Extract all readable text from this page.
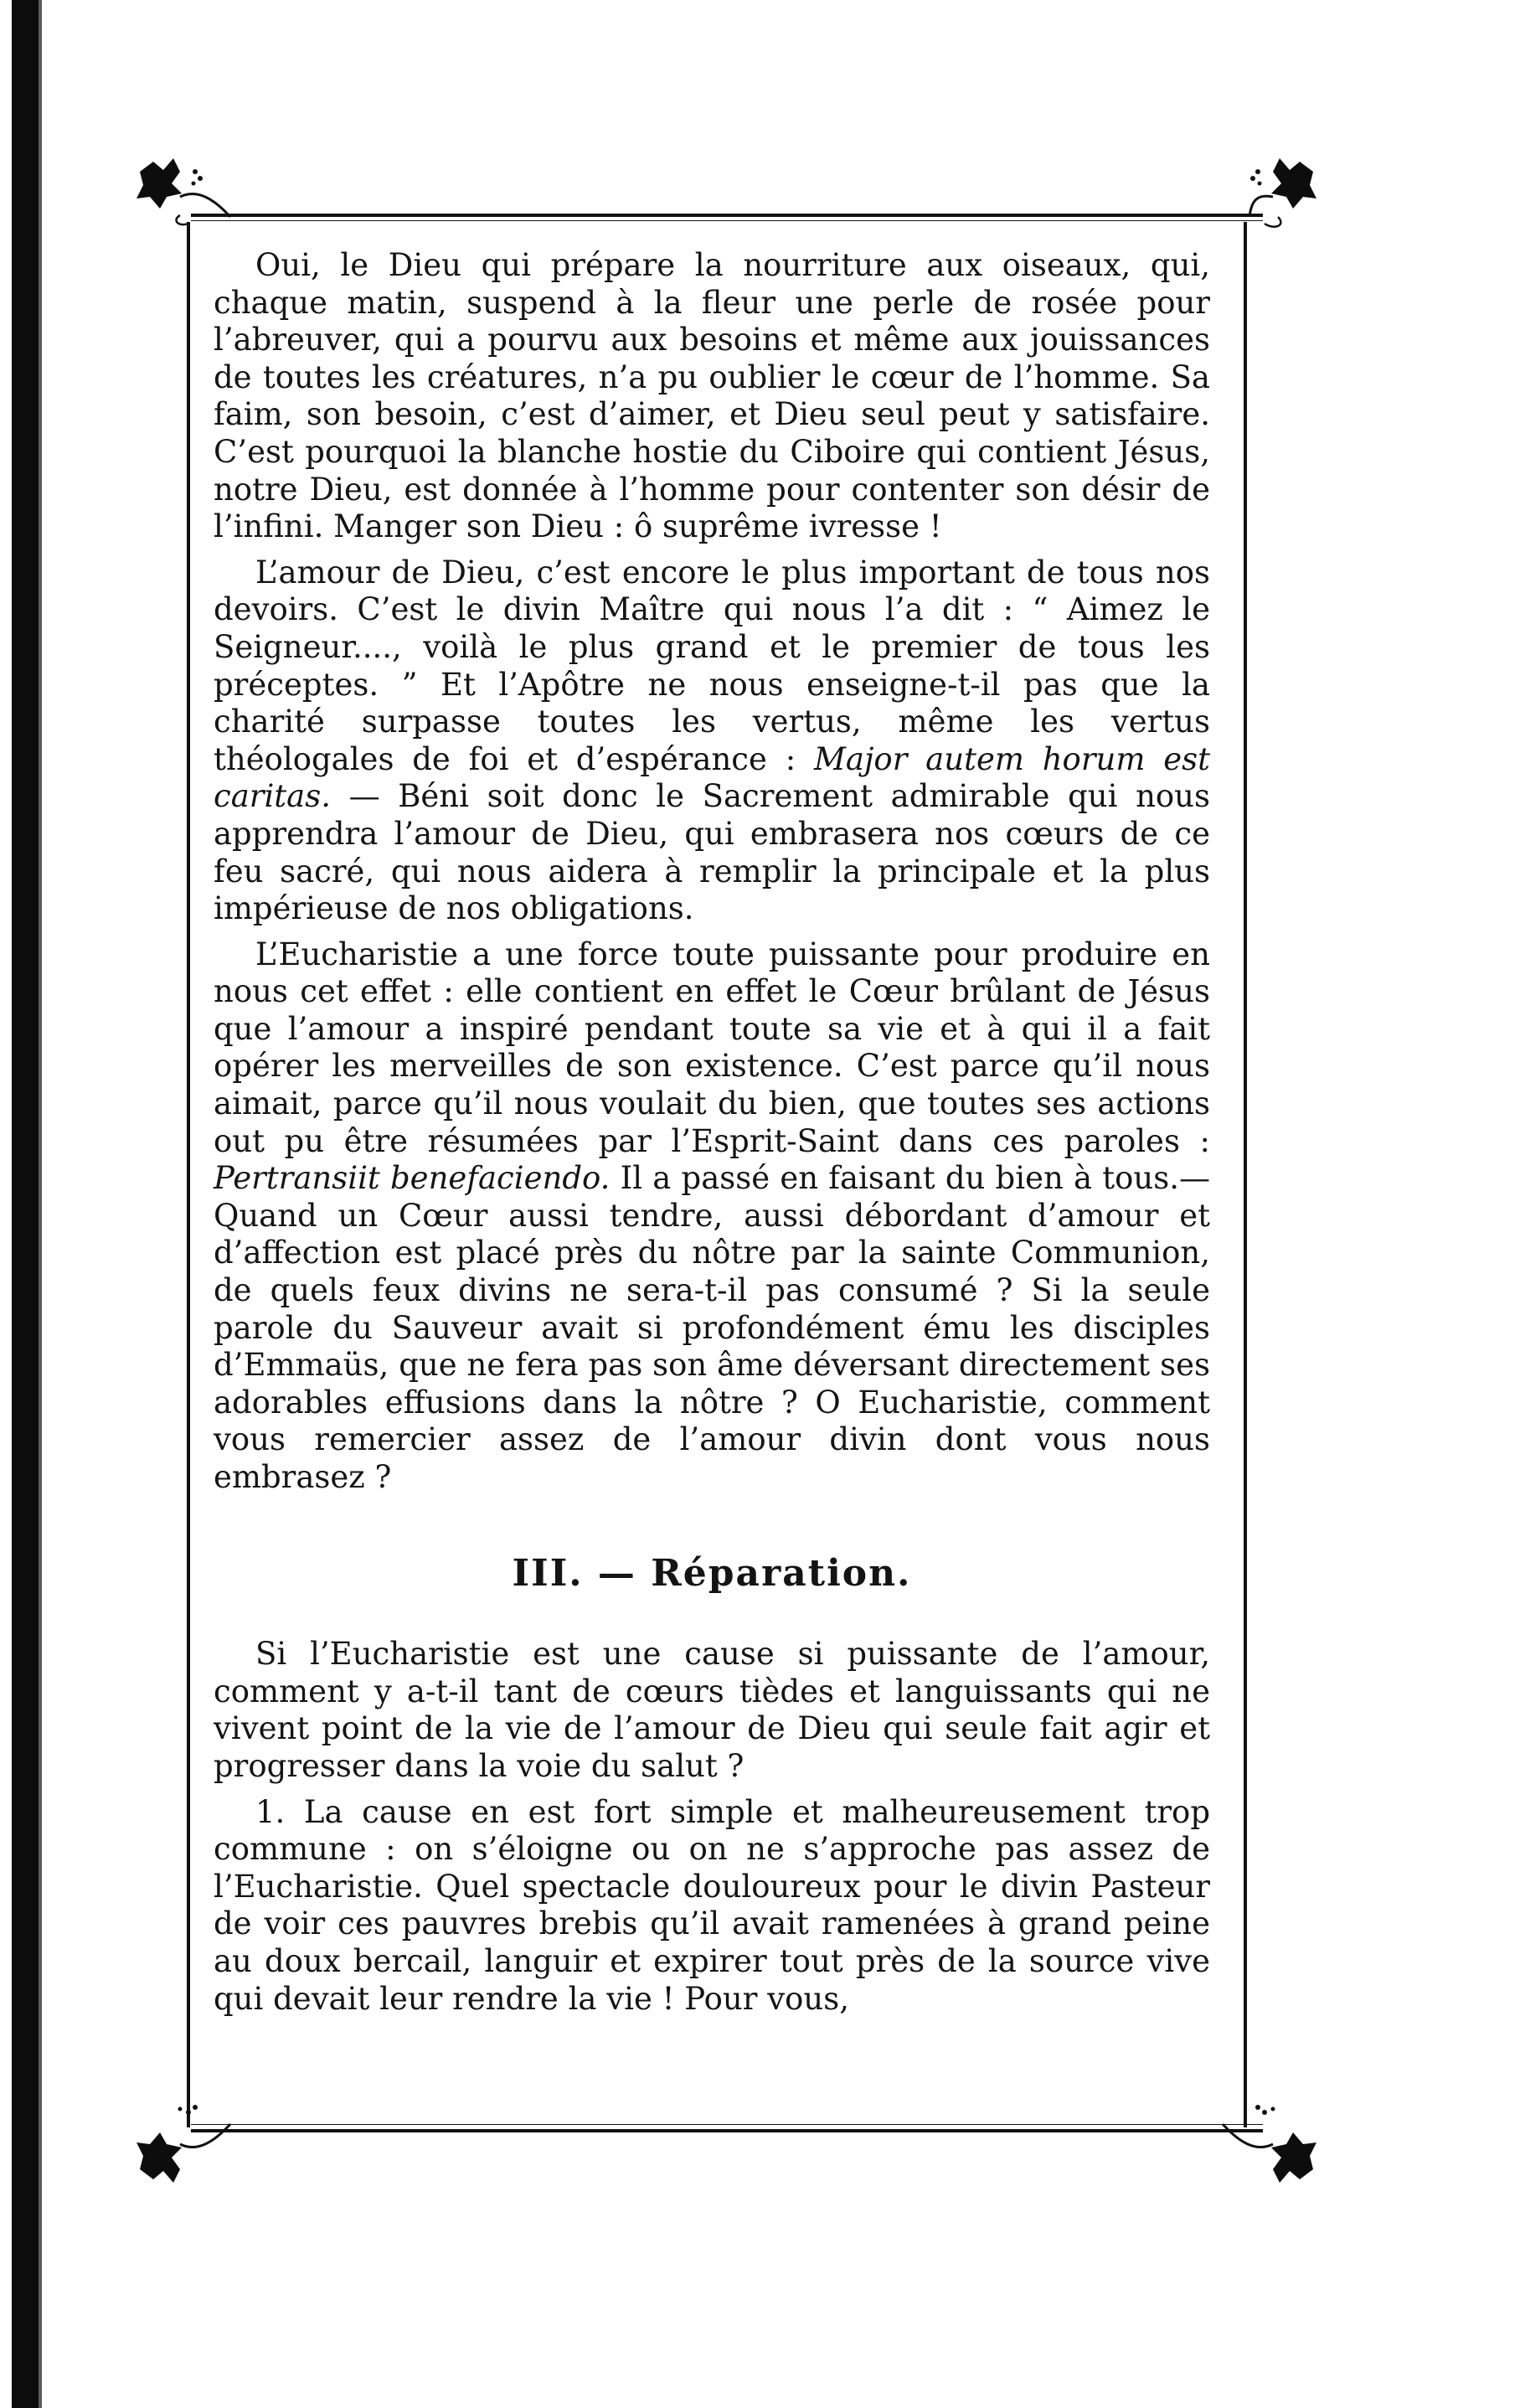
Oui, le Dieu qui prépare la nourriture aux oiseaux, qui, chaque matin, suspend à la fleur une perle de rosée pour l’abreuver, qui a pourvu aux besoins et même aux jouissances de toutes les créatures, n’a pu oublier le cœur de l’homme. Sa faim, son besoin, c’est d’aimer, et Dieu seul peut y satisfaire. C’est pourquoi la blanche hostie du Ciboire qui contient Jésus, notre Dieu, est donnée à l’homme pour contenter son désir de l’infini. Manger son Dieu : ô suprême ivresse !

L’amour de Dieu, c’est encore le plus important de tous nos devoirs. C’est le divin Maître qui nous l’a dit : “ Aimez le Seigneur...., voilà le plus grand et le premier de tous les préceptes. ” Et l’Apôtre ne nous enseigne-t-il pas que la charité surpasse toutes les vertus, même les vertus théologales de foi et d’espérance : Major autem horum est caritas. — Béni soit donc le Sacrement admirable qui nous apprendra l’amour de Dieu, qui embrasera nos cœurs de ce feu sacré, qui nous aidera à remplir la principale et la plus impérieuse de nos obligations.

L’Eucharistie a une force toute puissante pour produire en nous cet effet : elle contient en effet le Cœur brûlant de Jésus que l’amour a inspiré pendant toute sa vie et à qui il a fait opérer les merveilles de son existence. C’est parce qu’il nous aimait, parce qu’il nous voulait du bien, que toutes ses actions out pu être résumées par l’Esprit-Saint dans ces paroles : Pertransiit benefaciendo. Il a passé en faisant du bien à tous.— Quand un Cœur aussi tendre, aussi débordant d’amour et d’affection est placé près du nôtre par la sainte Communion, de quels feux divins ne sera-t-il pas consumé ? Si la seule parole du Sauveur avait si profondément ému les disciples d’Emmaüs, que ne fera pas son âme déversant directement ses adorables effusions dans la nôtre ? O Eucharistie, comment vous remercier assez de l’amour divin dont vous nous embrasez ?

III. — Réparation.

Si l’Eucharistie est une cause si puissante de l’amour, comment y a-t-il tant de cœurs tièdes et languissants qui ne vivent point de la vie de l’amour de Dieu qui seule fait agir et progresser dans la voie du salut ?

1. La cause en est fort simple et malheureusement trop commune : on s’éloigne ou on ne s’approche pas assez de l’Eucharistie. Quel spectacle douloureux pour le divin Pasteur de voir ces pauvres brebis qu’il avait ramenées à grand peine au doux bercail, languir et expirer tout près de la source vive qui devait leur rendre la vie ! Pour vous,
